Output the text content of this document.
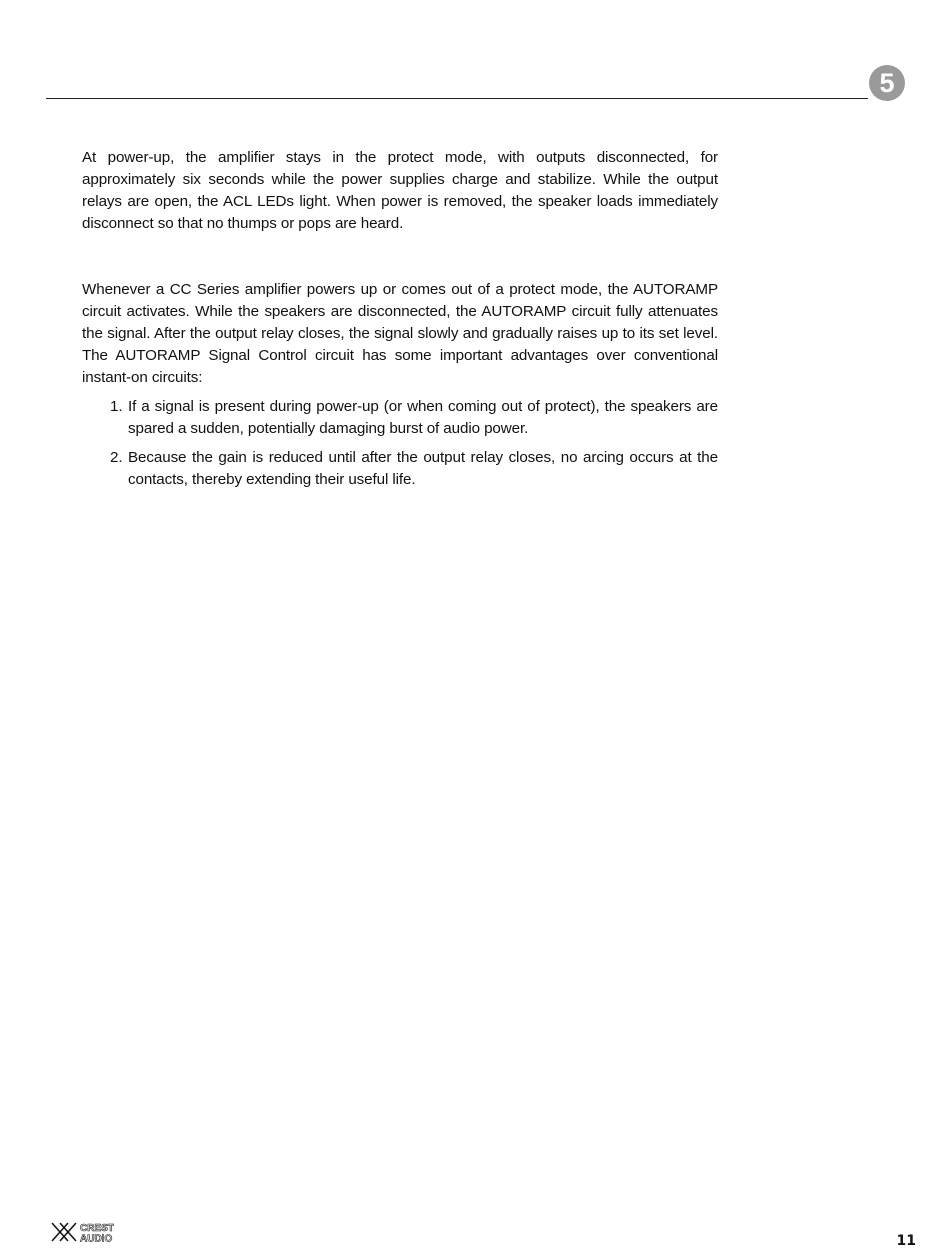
5

At power-up, the amplifier stays in the protect mode, with outputs disconnected, for approximately six seconds while the power supplies charge and stabilize. While the output relays are open, the ACL LEDs light. When power is removed, the speaker loads immediately disconnect so that no thumps or pops are heard.

Whenever a CC Series amplifier powers up or comes out of a protect mode, the AUTORAMP circuit activates. While the speakers are disconnected, the AUTORAMP circuit fully attenuates the signal. After the output relay closes, the signal slowly and gradually raises up to its set level. The AUTORAMP Signal Control circuit has some important advantages over conventional instant-on circuits:

1. If a signal is present during power-up (or when coming out of protect), the speakers are spared a sudden, potentially damaging burst of audio power.
2. Because the gain is reduced until after the output relay closes, no arcing occurs at the contacts, thereby extending their useful life.
CREST
AUDIO	11
